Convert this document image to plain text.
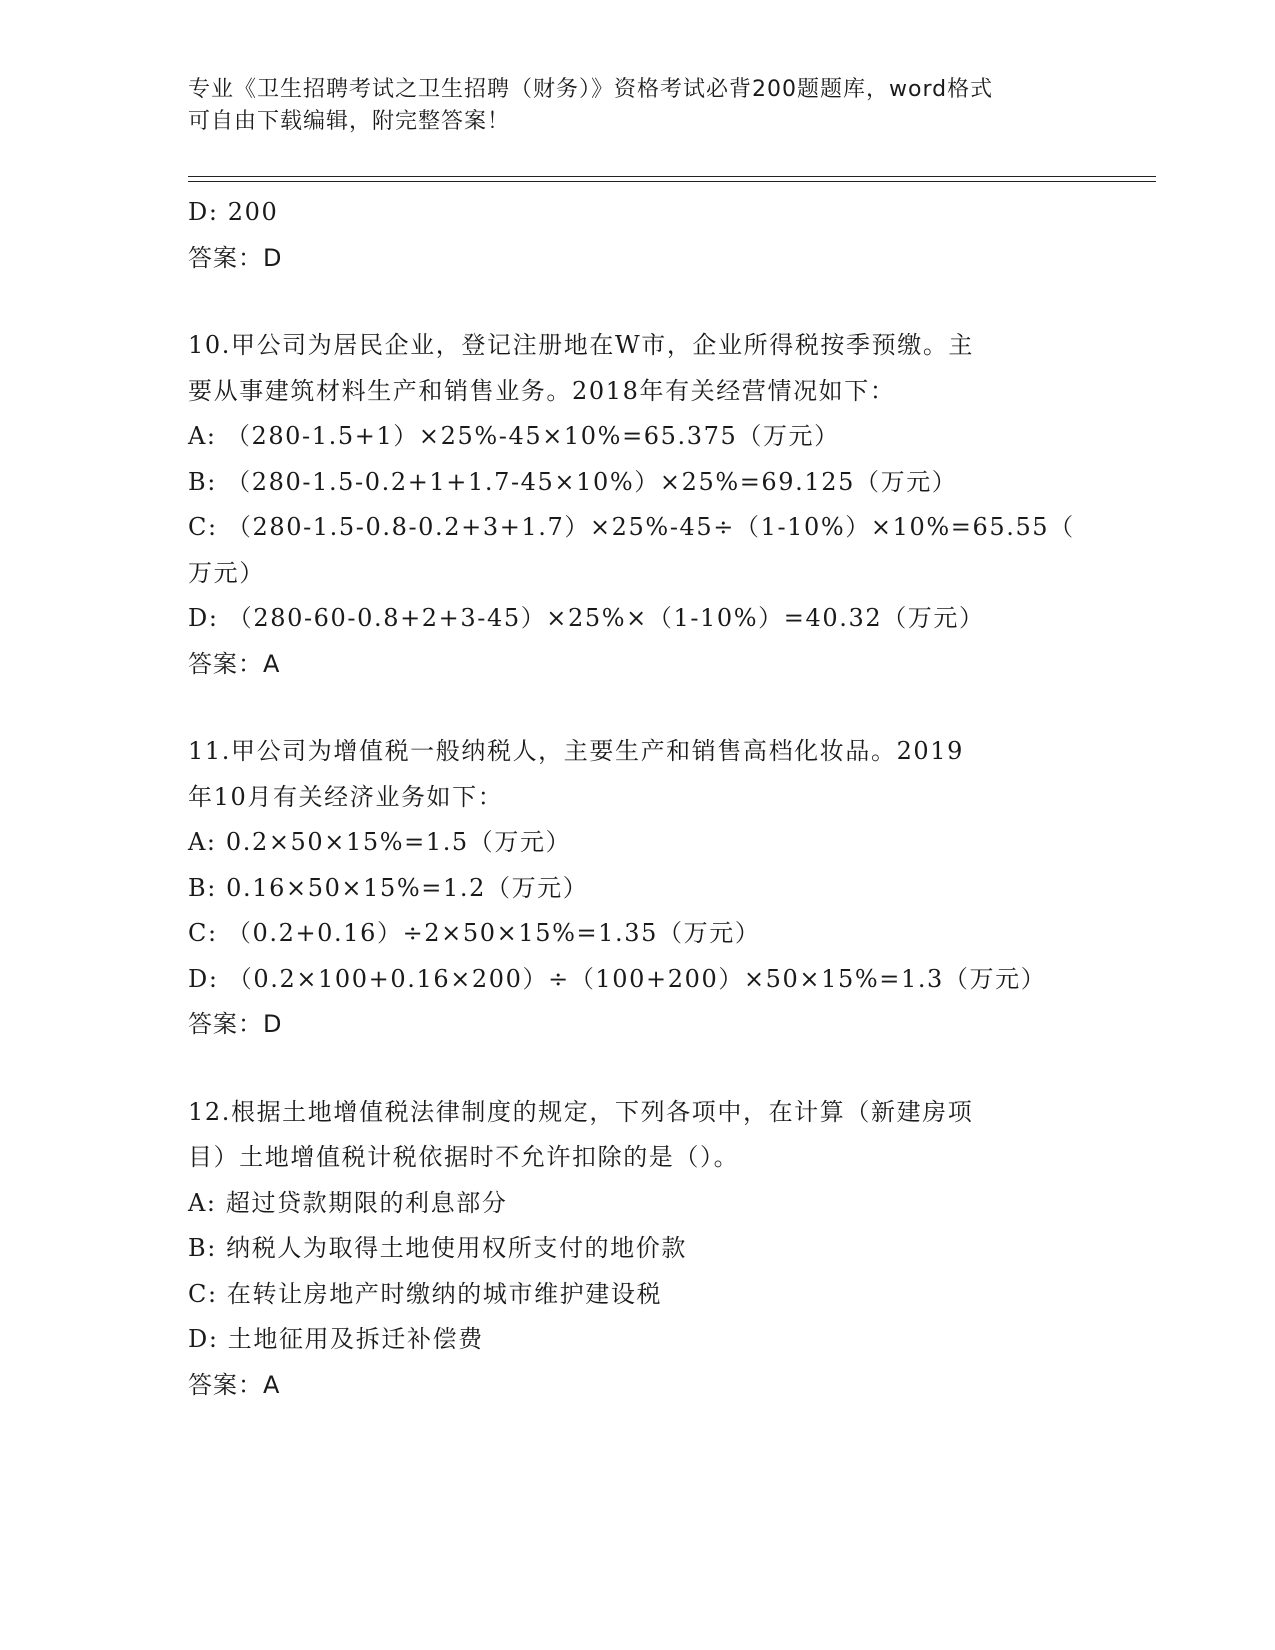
专业《卫生招聘考试之卫生招聘（财务）》资格考试必背200题题库，word格式
可自由下载编辑，附完整答案！
D: 200
答案：D
10.甲公司为居民企业，登记注册地在W市，企业所得税按季预缴。主
要从事建筑材料生产和销售业务。2018年有关经营情况如下：
A: （280-1.5+1）×25%-45×10%=65.375（万元）
B: （280-1.5-0.2+1+1.7-45×10%）×25%=69.125（万元）
C: （280-1.5-0.8-0.2+3+1.7）×25%-45÷（1-10%）×10%=65.55（
万元）
D: （280-60-0.8+2+3-45）×25%×（1-10%）=40.32（万元）
答案：A
11.甲公司为增值税一般纳税人，主要生产和销售高档化妆品。2019
年10月有关经济业务如下：
A: 0.2×50×15%=1.5（万元）
B: 0.16×50×15%=1.2（万元）
C: （0.2+0.16）÷2×50×15%=1.35（万元）
D: （0.2×100+0.16×200）÷（100+200）×50×15%=1.3（万元）
答案：D
12.根据土地增值税法律制度的规定，下列各项中，在计算（新建房项
目）土地增值税计税依据时不允许扣除的是（）。
A: 超过贷款期限的利息部分
B: 纳税人为取得土地使用权所支付的地价款
C: 在转让房地产时缴纳的城市维护建设税
D: 土地征用及拆迁补偿费
答案：A
